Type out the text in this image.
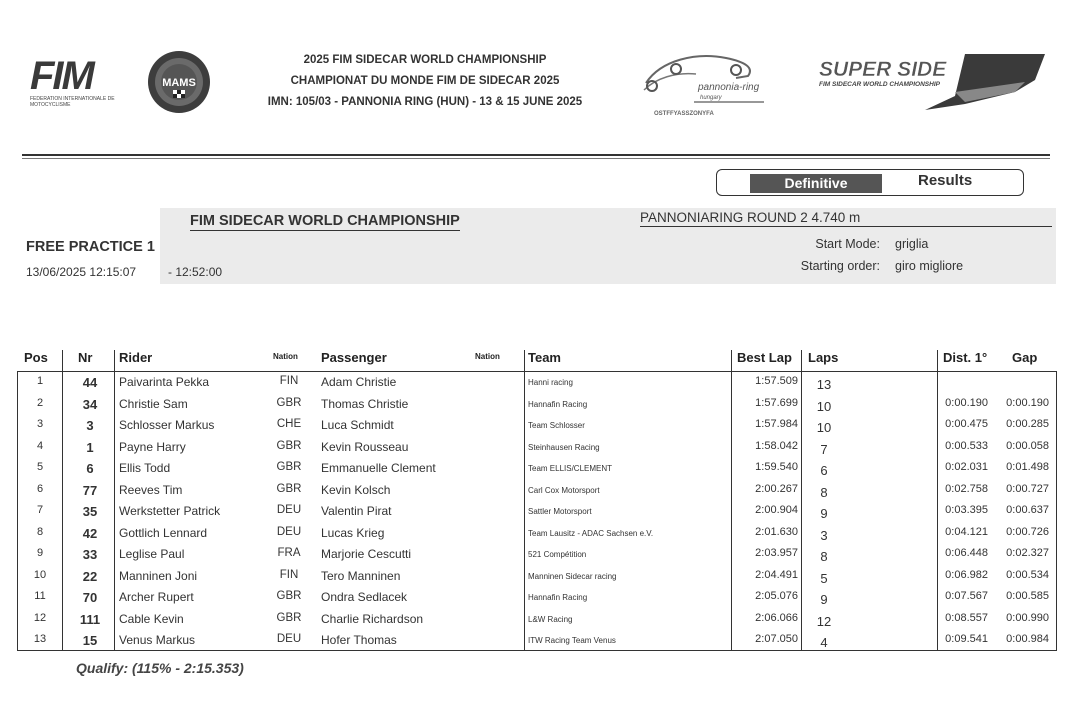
FIM
FEDERATION INTERNATIONALE DE MOTOCYCLISME
MAMS
2025 FIM SIDECAR WORLD CHAMPIONSHIP
CHAMPIONAT DU MONDE FIM DE SIDECAR 2025
IMN: 105/03 - PANNONIA RING (HUN) - 13 & 15 JUNE 2025
pannonia-ring
hungary
OSTFFYASSZONYFA
SUPER SIDE
FIM SIDECAR WORLD CHAMPIONSHIP
Definitive	Results
FIM SIDECAR WORLD CHAMPIONSHIP	PANNONIARING ROUND 2 4.740 m
FREE PRACTICE 1
13/06/2025 12:15:07	- 12:52:00
Start Mode: griglia
Starting order: giro migliore
Pos Nr Rider	Nation Passenger	Nation Team	Best Lap Laps	Dist. 1° Gap
1	44	Paivarinta Pekka	FIN	Adam Christie	Hanni racing	1:57.509	13
2	34	Christie Sam	GBR	Thomas Christie	Hannafin Racing	1:57.699	10	0:00.190	0:00.190
3	3	Schlosser Markus	CHE	Luca Schmidt	Team Schlosser	1:57.984	10	0:00.475	0:00.285
4	1	Payne Harry	GBR	Kevin Rousseau	Steinhausen Racing	1:58.042	7	0:00.533	0:00.058
5	6	Ellis Todd	GBR	Emmanuelle Clement	Team ELLIS/CLEMENT	1:59.540	6	0:02.031	0:01.498
6	77	Reeves Tim	GBR	Kevin Kolsch	Carl Cox Motorsport	2:00.267	8	0:02.758	0:00.727
7	35	Werkstetter Patrick	DEU	Valentin Pirat	Sattler Motorsport	2:00.904	9	0:03.395	0:00.637
8	42	Gottlich Lennard	DEU	Lucas Krieg	Team Lausitz - ADAC Sachsen e.V.	2:01.630	3	0:04.121	0:00.726
9	33	Leglise Paul	FRA	Marjorie Cescutti	521 Compétition	2:03.957	8	0:06.448	0:02.327
10	22	Manninen Joni	FIN	Tero Manninen	Manninen Sidecar racing	2:04.491	5	0:06.982	0:00.534
11	70	Archer Rupert	GBR	Ondra Sedlacek	Hannafin Racing	2:05.076	9	0:07.567	0:00.585
12	111	Cable Kevin	GBR	Charlie Richardson	L&W Racing	2:06.066	12	0:08.557	0:00.990
13	15	Venus Markus	DEU	Hofer Thomas	ITW Racing Team Venus	2:07.050	4	0:09.541	0:00.984
Qualify: (115% - 2:15.353)
